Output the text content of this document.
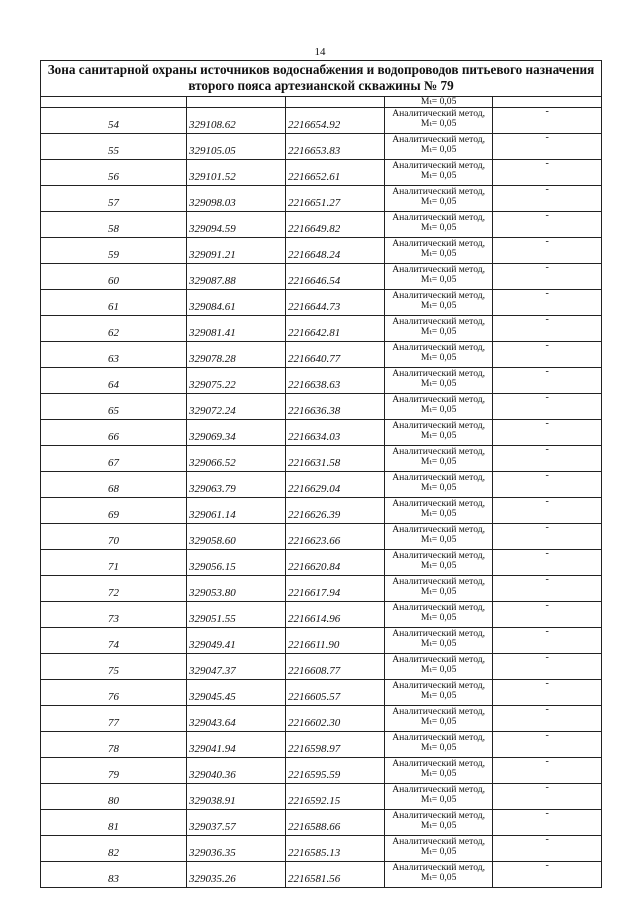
14
Зона санитарной охраны источников водоснабжения и водопроводов питьевого назначения
второго пояса артезианской скважины № 79
			Mₜ= 0,05	
54	329108.62	2216654.92	Аналитический метод,
Mₜ= 0,05	-
55	329105.05	2216653.83	Аналитический метод,
Mₜ= 0,05	-
56	329101.52	2216652.61	Аналитический метод,
Mₜ= 0,05	-
57	329098.03	2216651.27	Аналитический метод,
Mₜ= 0,05	-
58	329094.59	2216649.82	Аналитический метод,
Mₜ= 0,05	-
59	329091.21	2216648.24	Аналитический метод,
Mₜ= 0,05	-
60	329087.88	2216646.54	Аналитический метод,
Mₜ= 0,05	-
61	329084.61	2216644.73	Аналитический метод,
Mₜ= 0,05	-
62	329081.41	2216642.81	Аналитический метод,
Mₜ= 0,05	-
63	329078.28	2216640.77	Аналитический метод,
Mₜ= 0,05	-
64	329075.22	2216638.63	Аналитический метод,
Mₜ= 0,05	-
65	329072.24	2216636.38	Аналитический метод,
Mₜ= 0,05	-
66	329069.34	2216634.03	Аналитический метод,
Mₜ= 0,05	-
67	329066.52	2216631.58	Аналитический метод,
Mₜ= 0,05	-
68	329063.79	2216629.04	Аналитический метод,
Mₜ= 0,05	-
69	329061.14	2216626.39	Аналитический метод,
Mₜ= 0,05	-
70	329058.60	2216623.66	Аналитический метод,
Mₜ= 0,05	-
71	329056.15	2216620.84	Аналитический метод,
Mₜ= 0,05	-
72	329053.80	2216617.94	Аналитический метод,
Mₜ= 0,05	-
73	329051.55	2216614.96	Аналитический метод,
Mₜ= 0,05	-
74	329049.41	2216611.90	Аналитический метод,
Mₜ= 0,05	-
75	329047.37	2216608.77	Аналитический метод,
Mₜ= 0,05	-
76	329045.45	2216605.57	Аналитический метод,
Mₜ= 0,05	-
77	329043.64	2216602.30	Аналитический метод,
Mₜ= 0,05	-
78	329041.94	2216598.97	Аналитический метод,
Mₜ= 0,05	-
79	329040.36	2216595.59	Аналитический метод,
Mₜ= 0,05	-
80	329038.91	2216592.15	Аналитический метод,
Mₜ= 0,05	-
81	329037.57	2216588.66	Аналитический метод,
Mₜ= 0,05	-
82	329036.35	2216585.13	Аналитический метод,
Mₜ= 0,05	-
83	329035.26	2216581.56	Аналитический метод,
Mₜ= 0,05	-
